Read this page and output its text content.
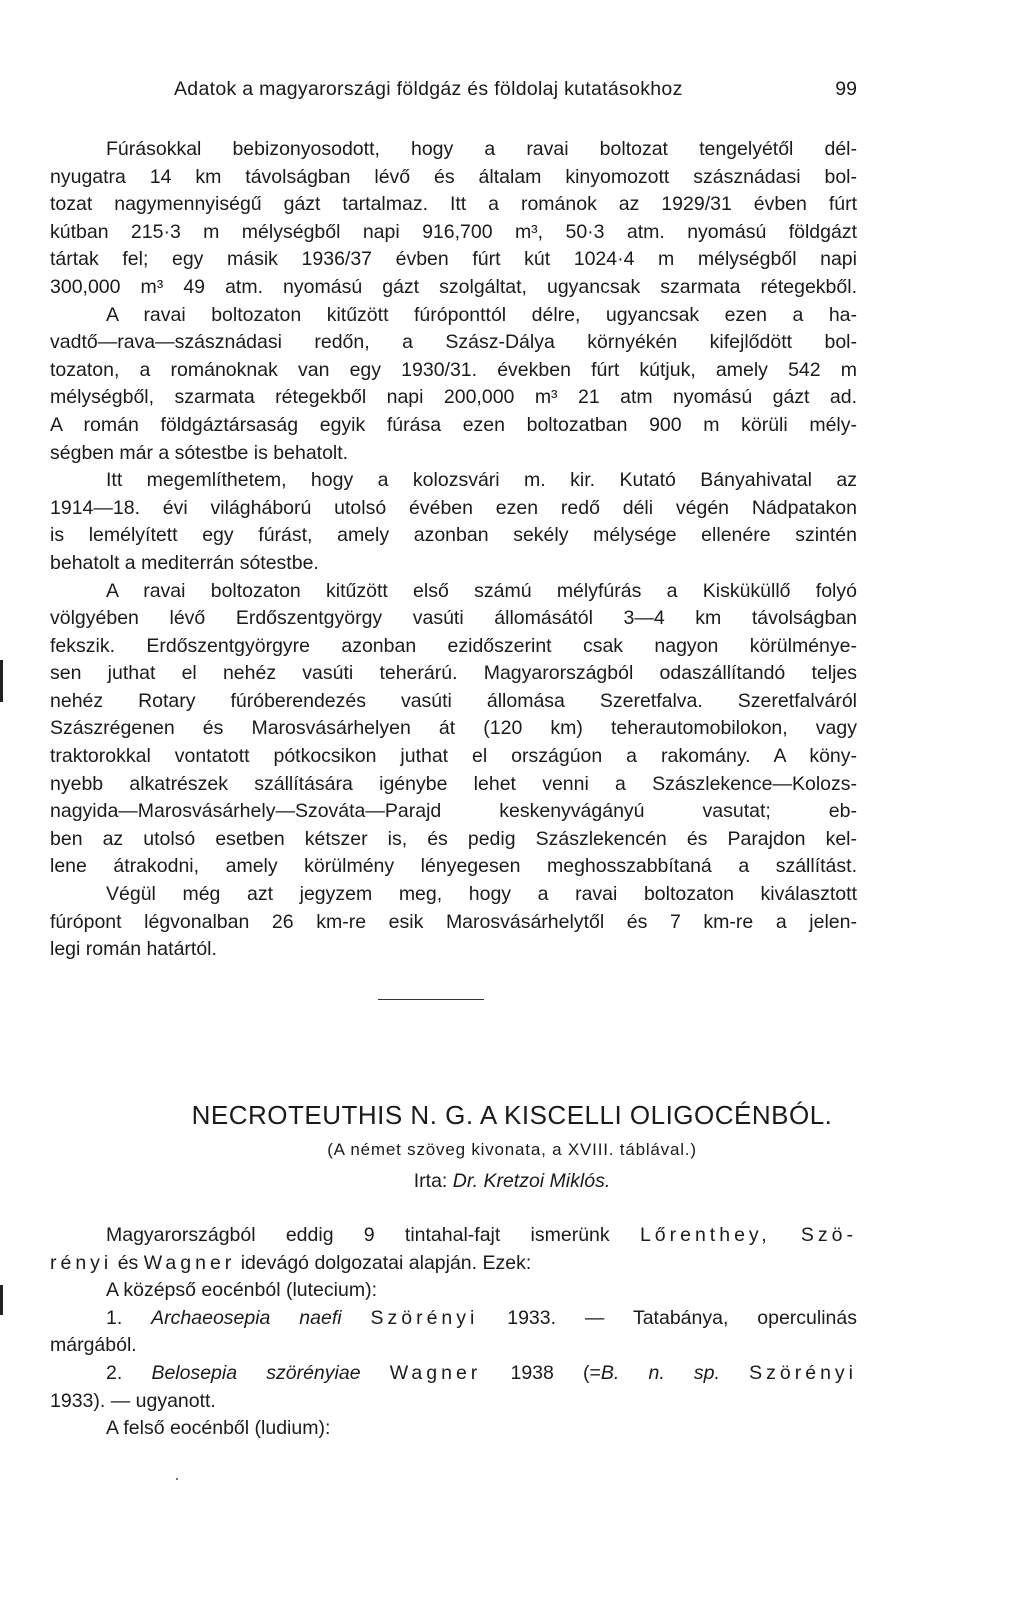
Adatok a magyarországi földgáz és földolaj kutatásokhoz	99
Fúrásokkal bebizonyosodott, hogy a ravai boltozat tengelyétől dél-
nyugatra 14 km távolságban lévő és általam kinyomozott szásznádasi bol-
tozat nagymennyiségű gázt tartalmaz. Itt a románok az 1929/31 évben fúrt
kútban 215·3 m mélységből napi 916,700 m³, 50·3 atm. nyomású földgázt
tártak fel; egy másik 1936/37 évben fúrt kút 1024·4 m mélységből napi
300,000 m³ 49 atm. nyomású gázt szolgáltat, ugyancsak szarmata rétegekből.
A ravai boltozaton kitűzött fúróponttól délre, ugyancsak ezen a ha-
vadtő—rava—szásznádasi redőn, a Szász-Dálya környékén kifejlődött bol-
tozaton, a románoknak van egy 1930/31. években fúrt kútjuk, amely 542 m
mélységből, szarmata rétegekből napi 200,000 m³ 21 atm nyomású gázt ad.
A román földgáztársaság egyik fúrása ezen boltozatban 900 m körüli mély-
ségben már a sótestbe is behatolt.
Itt megemlíthetem, hogy a kolozsvári m. kir. Kutató Bányahivatal az
1914—18. évi világháború utolsó évében ezen redő déli végén Nádpatakon
is lemélyített egy fúrást, amely azonban sekély mélysége ellenére szintén
behatolt a mediterrán sótestbe.
A ravai boltozaton kitűzött első számú mélyfúrás a Kisküküllő folyó
völgyében lévő Erdőszentgyörgy vasúti állomásától 3—4 km távolságban
fekszik. Erdőszentgyörgyre azonban ezidőszerint csak nagyon körülménye-
sen juthat el nehéz vasúti teherárú. Magyarországból odaszállítandó teljes
nehéz Rotary fúróberendezés vasúti állomása Szeretfalva. Szeretfalváról
Szászrégenen és Marosvásárhelyen át (120 km) teherautomobilokon, vagy
traktorokkal vontatott pótkocsikon juthat el országúon a rakomány. A köny-
nyebb alkatrészek szállítására igénybe lehet venni a Szászlekence—Kolozs-
nagyida—Marosvásárhely—Szováta—Parajd keskenyvágányú vasutat; eb-
ben az utolsó esetben kétszer is, és pedig Szászlekencén és Parajdon kel-
lene átrakodni, amely körülmény lényegesen meghosszabbítaná a szállítást.
Végül még azt jegyzem meg, hogy a ravai boltozaton kiválasztott
fúrópont légvonalban 26 km-re esik Marosvásárhelytől és 7 km-re a jelen-
legi román határtól.
NECROTEUTHIS N. G. A KISCELLI OLIGOCÉNBÓL.
(A német szöveg kivonata, a XVIII. táblával.)
Irta: Dr. Kretzoi Miklós.
Magyarországból eddig 9 tintahal-fajt ismerünk Lőrenthey, Szö-
rényi és Wagner idevágó dolgozatai alapján. Ezek:
A középső eocénból (lutecium):
1. Archaeosepia naefi Szörényi 1933. — Tatabánya, operculinás
márgából.
2. Belosepia szörényiae Wagner 1938 (=B. n. sp. Szörényi
1933). — ugyanott.
A felső eocénből (ludium):
